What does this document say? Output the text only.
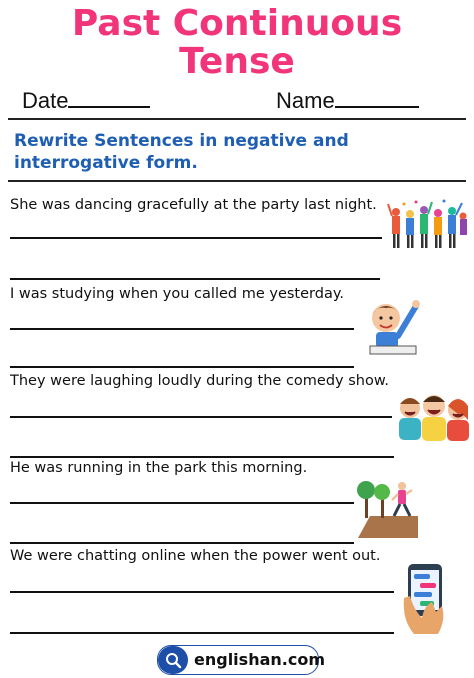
Past Continuous
Tense
Date	Name
Rewrite Sentences in negative and interrogative form.
She was dancing gracefully at the party last night.
I was studying when you called me yesterday.
They were laughing loudly during the comedy show.
He was running in the park this morning.
We were chatting online when the power went out.
englishan.com
